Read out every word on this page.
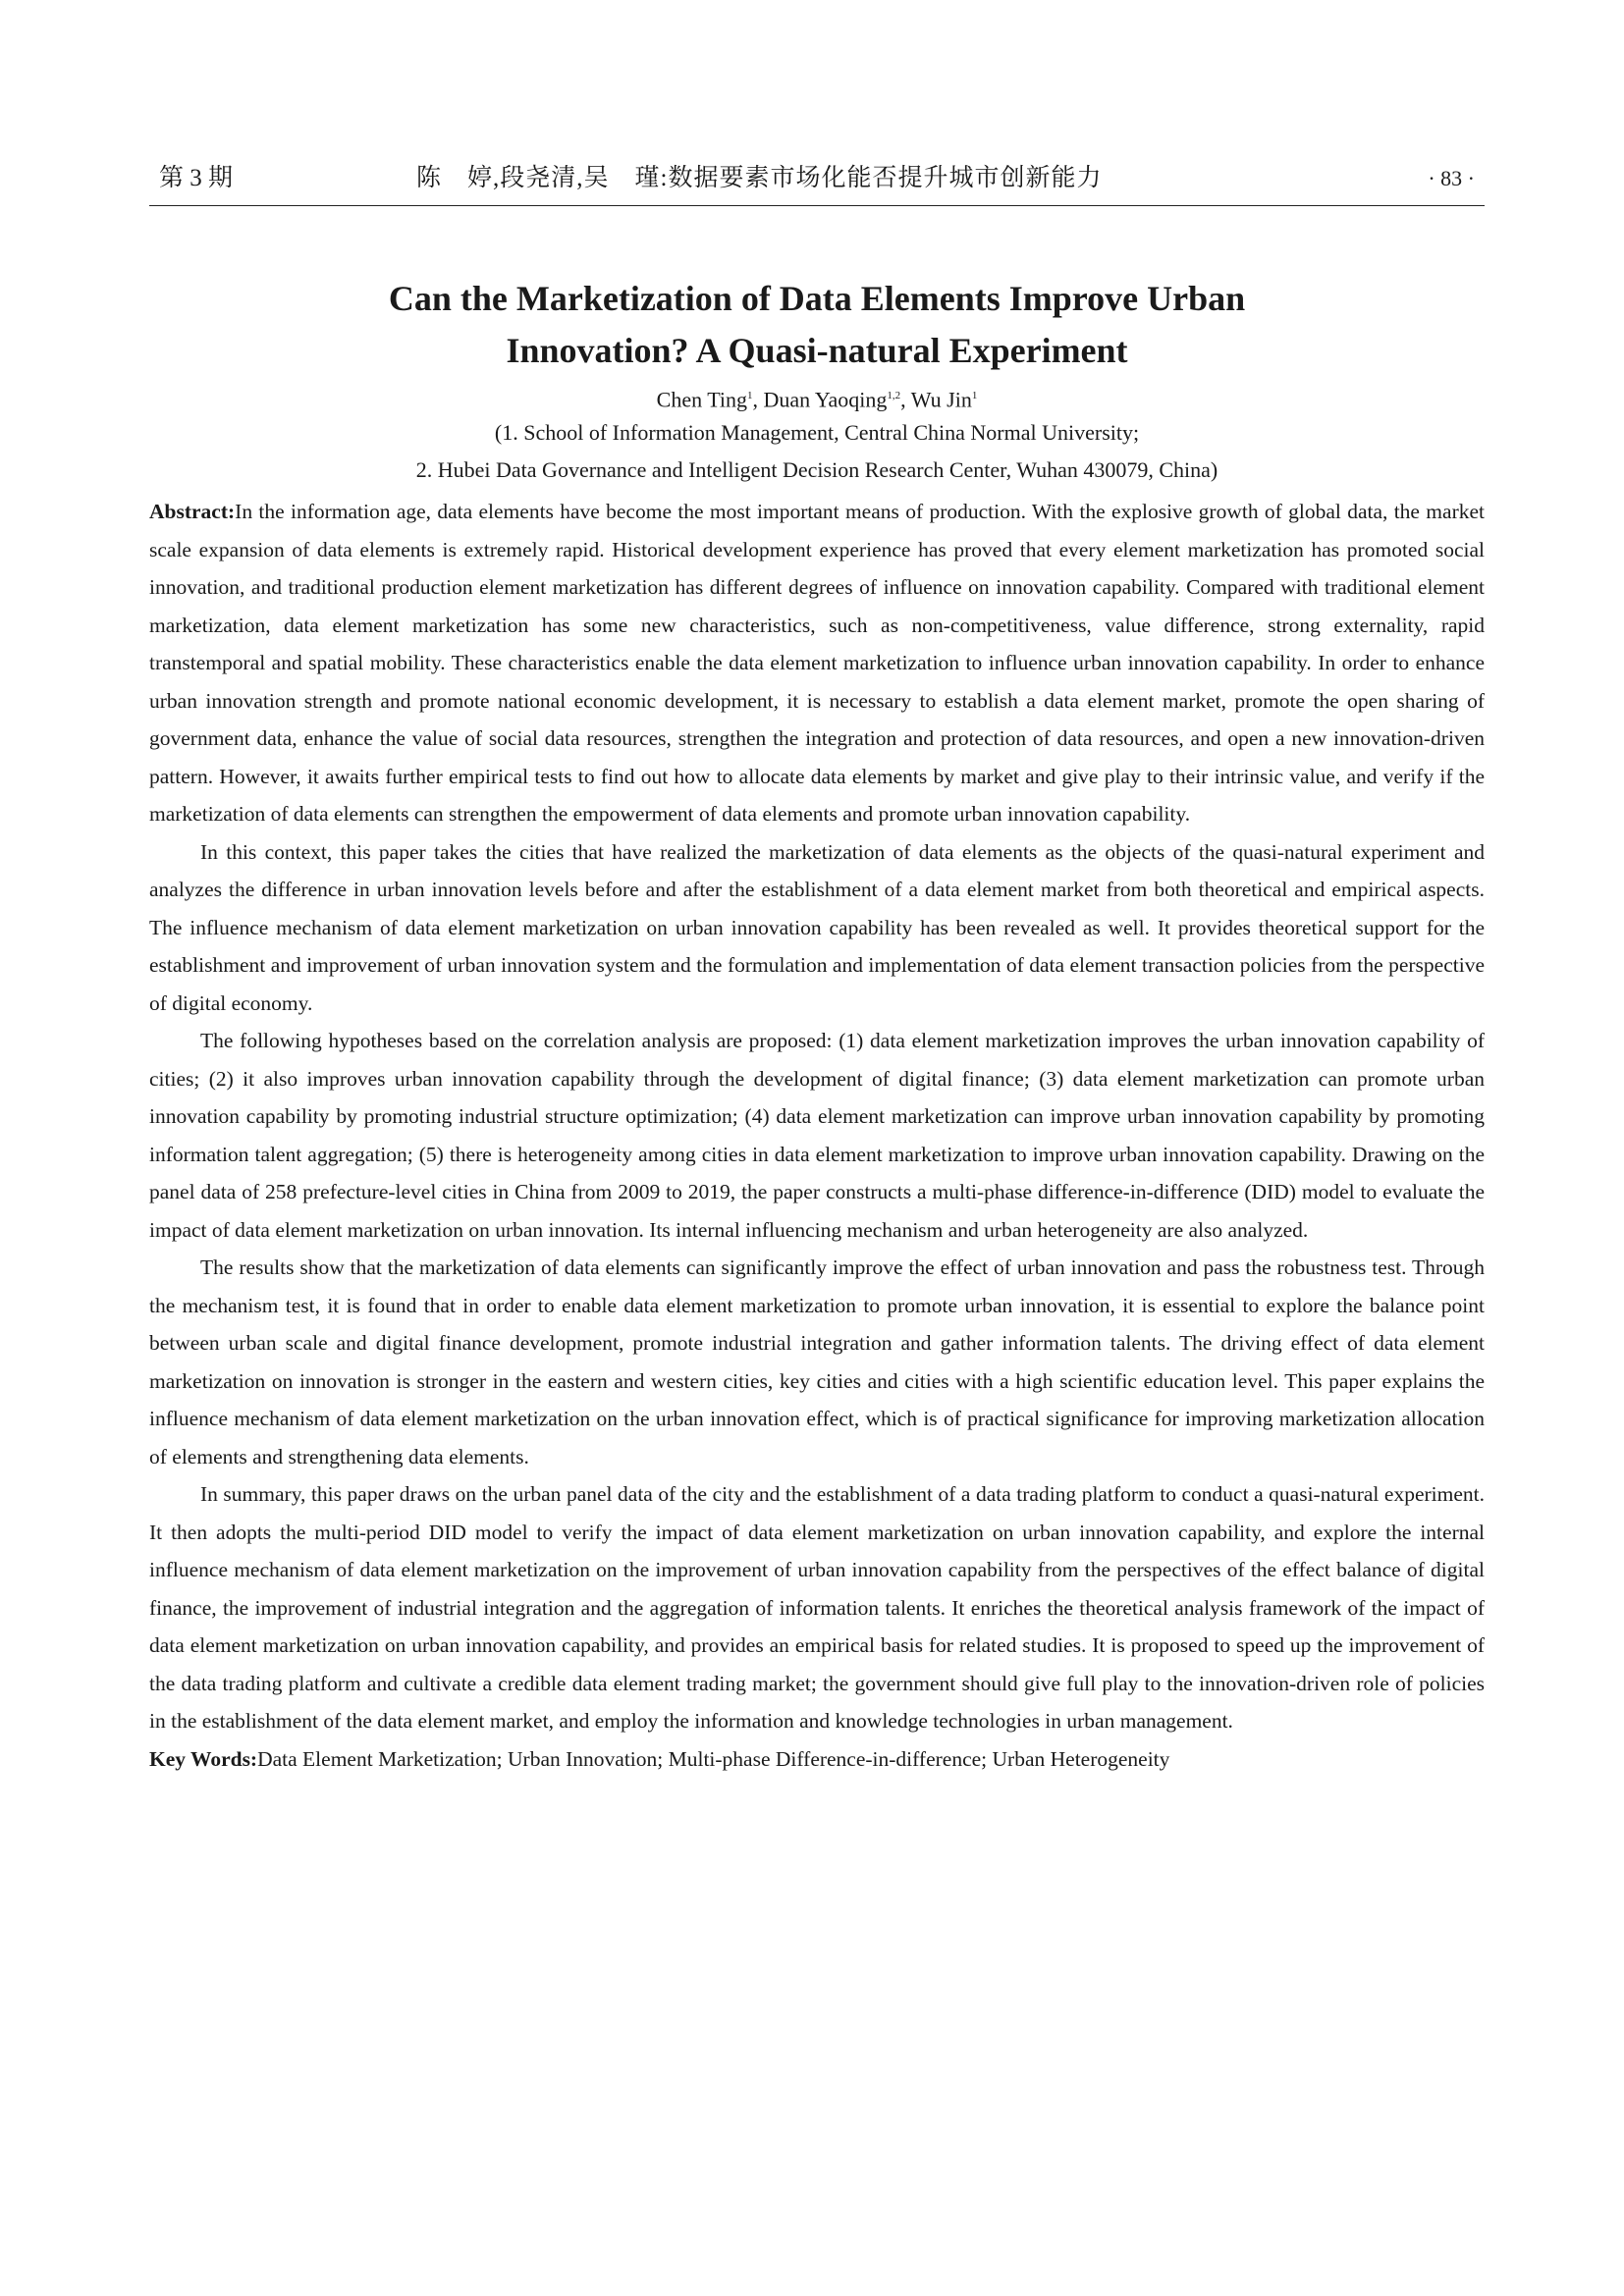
第 3 期	陈　婷,段尧清,吴　瑾:数据要素市场化能否提升城市创新能力	· 83 ·
Can the Marketization of Data Elements Improve Urban
Innovation? A Quasi-natural Experiment
Chen Ting$^1$, Duan Yaoqing$^{1,2}$, Wu Jin$^1$
(1. School of Information Management, Central China Normal University;
2. Hubei Data Governance and Intelligent Decision Research Center, Wuhan 430079, China)

Abstract:In the information age, data elements have become the most important means of production. With the explosive growth of global data, the market scale expansion of data elements is extremely rapid. Historical development experience has proved that every element marketization has promoted social innovation, and traditional production element marketization has different degrees of influence on innovation capability. Compared with traditional element marketization, data element marketization has some new characteristics, such as non-competitiveness, value difference, strong externality, rapid transtemporal and spatial mobility. These characteristics enable the data element marketization to influence urban innovation capability. In order to enhance urban innovation strength and promote national economic development, it is necessary to establish a data element market, promote the open sharing of government data, enhance the value of social data resources, strengthen the integration and protection of data resources, and open a new innovation-driven pattern. However, it awaits further empirical tests to find out how to allocate data elements by market and give play to their intrinsic value, and verify if the marketization of data elements can strengthen the empowerment of data elements and promote urban innovation capability.

In this context, this paper takes the cities that have realized the marketization of data elements as the objects of the quasi-natural experiment and analyzes the difference in urban innovation levels before and after the establishment of a data element market from both theoretical and empirical aspects. The influence mechanism of data element marketization on urban innovation capability has been revealed as well. It provides theoretical support for the establishment and improvement of urban innovation system and the formulation and implementation of data element transaction policies from the perspective of digital economy.

The following hypotheses based on the correlation analysis are proposed: (1) data element marketization improves the urban innovation capability of cities; (2) it also improves urban innovation capability through the development of digital finance; (3) data element marketization can promote urban innovation capability by promoting industrial structure optimization; (4) data element marketization can improve urban innovation capability by promoting information talent aggregation; (5) there is heterogeneity among cities in data element marketization to improve urban innovation capability. Drawing on the panel data of 258 prefecture-level cities in China from 2009 to 2019, the paper constructs a multi-phase difference-in-difference (DID) model to evaluate the impact of data element marketization on urban innovation. Its internal influencing mechanism and urban heterogeneity are also analyzed.

The results show that the marketization of data elements can significantly improve the effect of urban innovation and pass the robustness test. Through the mechanism test, it is found that in order to enable data element marketization to promote urban innovation, it is essential to explore the balance point between urban scale and digital finance development, promote industrial integration and gather information talents. The driving effect of data element marketization on innovation is stronger in the eastern and western cities, key cities and cities with a high scientific education level. This paper explains the influence mechanism of data element marketization on the urban innovation effect, which is of practical significance for improving marketization allocation of elements and strengthening data elements.

In summary, this paper draws on the urban panel data of the city and the establishment of a data trading platform to conduct a quasi-natural experiment. It then adopts the multi-period DID model to verify the impact of data element marketization on urban innovation capability, and explore the internal influence mechanism of data element marketization on the improvement of urban innovation capability from the perspectives of the effect balance of digital finance, the improvement of industrial integration and the aggregation of information talents. It enriches the theoretical analysis framework of the impact of data element marketization on urban innovation capability, and provides an empirical basis for related studies. It is proposed to speed up the improvement of the data trading platform and cultivate a credible data element trading market; the government should give full play to the innovation-driven role of policies in the establishment of the data element market, and employ the information and knowledge technologies in urban management.

Key Words:Data Element Marketization; Urban Innovation; Multi-phase Difference-in-difference; Urban Heterogeneity
